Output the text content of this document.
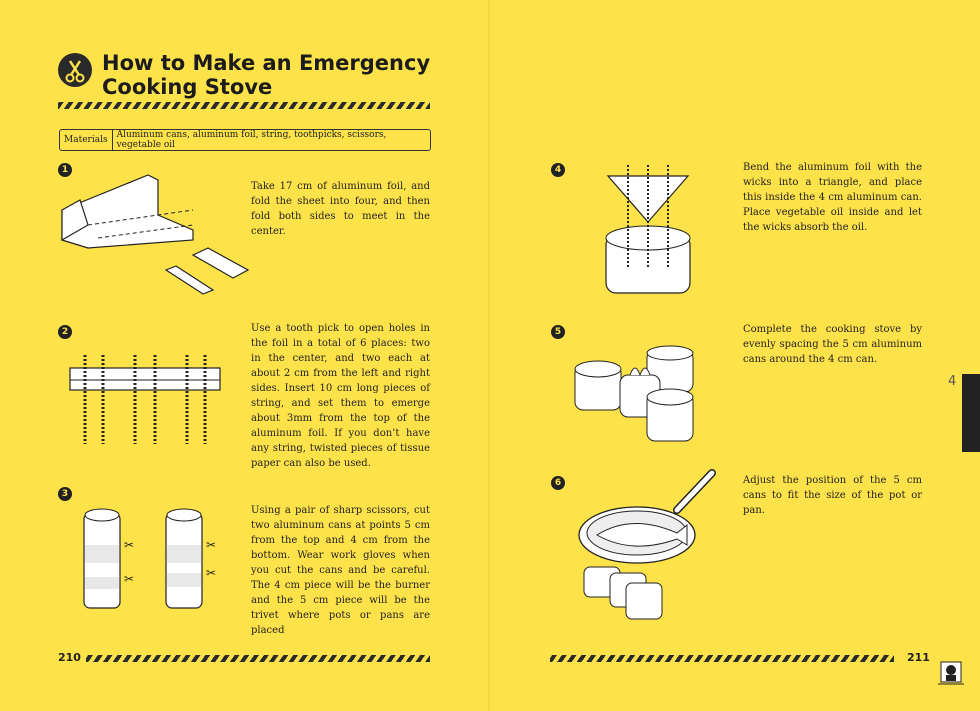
How to Make an Emergency
Cooking Stove
Materials	Aluminum cans, aluminum foil, string, toothpicks, scissors, vegetable oil
1
Take 17 cm of aluminum foil, and fold the sheet into four, and then fold both sides to meet in the center.
2	Use a tooth pick to open holes in the foil in a total of 6 places: two in the center, and two each at about 2 cm from the left and right sides. Insert 10 cm long pieces of string, and set them to emerge about 3mm from the top of the aluminum foil. If you don’t have any string, twisted pieces of tissue paper can also be used.
3
✂
✂
✂
✂
Using a pair of sharp scissors, cut two aluminum cans at points 5 cm from the top and 4 cm from the bottom. Wear work gloves when you cut the cans and be careful. The 4 cm piece will be the burner and the 5 cm piece will be the trivet where pots or pans are placed
210
4	Bend the aluminum foil with the wicks into a triangle, and place this inside the 4 cm aluminum can. Place vegetable oil inside and let the wicks absorb the oil.
5	Complete the cooking stove by evenly spacing the 5 cm aluminum cans around the 4 cm can.
6	Adjust the position of the 5 cm cans to fit the size of the pot or pan.
211
4
